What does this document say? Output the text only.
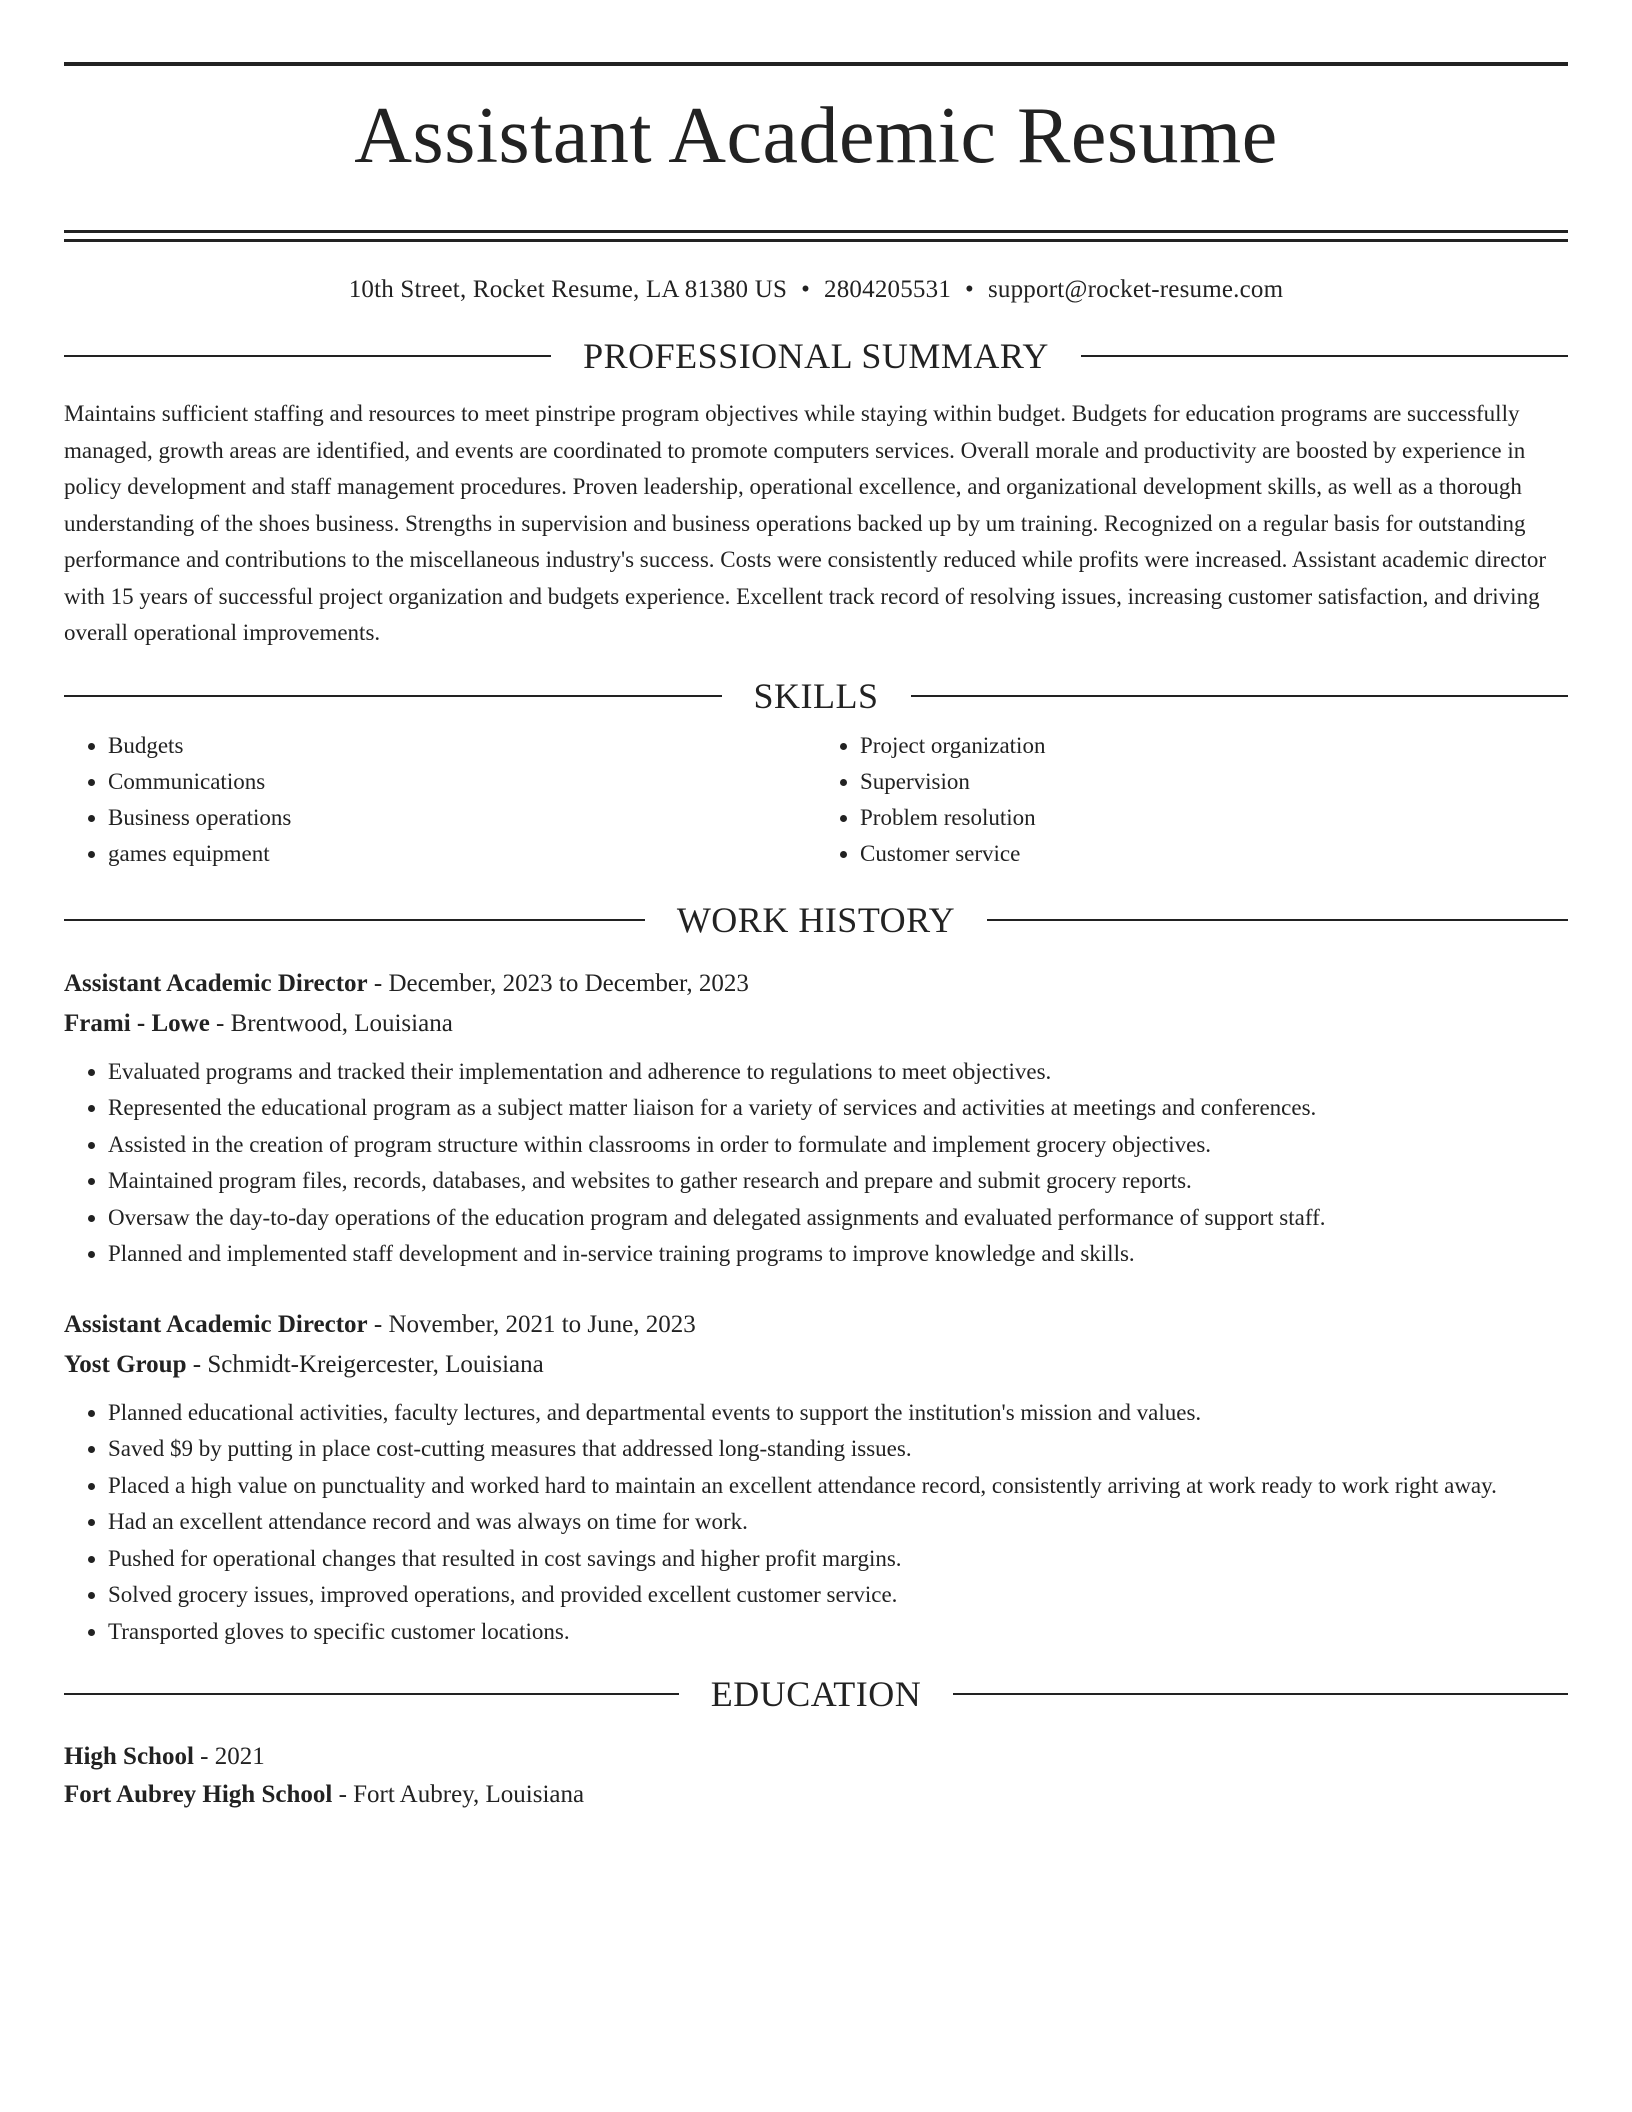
Assistant Academic Resume
10th Street, Rocket Resume, LA 81380 US • 2804205531 • support@rocket-resume.com
PROFESSIONAL SUMMARY

Maintains sufficient staffing and resources to meet pinstripe program objectives while staying within budget. Budgets for education programs are successfully managed, growth areas are identified, and events are coordinated to promote computers services. Overall morale and productivity are boosted by experience in policy development and staff management procedures. Proven leadership, operational excellence, and organizational development skills, as well as a thorough understanding of the shoes business. Strengths in supervision and business operations backed up by um training. Recognized on a regular basis for outstanding performance and contributions to the miscellaneous industry's success. Costs were consistently reduced while profits were increased. Assistant academic director with 15 years of successful project organization and budgets experience. Excellent track record of resolving issues, increasing customer satisfaction, and driving overall operational improvements.

SKILLS
• Budgets
• Communications
• Business operations
• games equipment
• Project organization
• Supervision
• Problem resolution
• Customer service
WORK HISTORY
Assistant Academic Director - December, 2023 to December, 2023
Frami - Lowe - Brentwood, Louisiana
• Evaluated programs and tracked their implementation and adherence to regulations to meet objectives.
• Represented the educational program as a subject matter liaison for a variety of services and activities at meetings and conferences.
• Assisted in the creation of program structure within classrooms in order to formulate and implement grocery objectives.
• Maintained program files, records, databases, and websites to gather research and prepare and submit grocery reports.
• Oversaw the day-to-day operations of the education program and delegated assignments and evaluated performance of support staff.
• Planned and implemented staff development and in-service training programs to improve knowledge and skills.
Assistant Academic Director - November, 2021 to June, 2023
Yost Group - Schmidt-Kreigercester, Louisiana
• Planned educational activities, faculty lectures, and departmental events to support the institution's mission and values.
• Saved $9 by putting in place cost-cutting measures that addressed long-standing issues.
• Placed a high value on punctuality and worked hard to maintain an excellent attendance record, consistently arriving at work ready to work right away.
• Had an excellent attendance record and was always on time for work.
• Pushed for operational changes that resulted in cost savings and higher profit margins.
• Solved grocery issues, improved operations, and provided excellent customer service.
• Transported gloves to specific customer locations.
EDUCATION
High School - 2021
Fort Aubrey High School - Fort Aubrey, Louisiana
